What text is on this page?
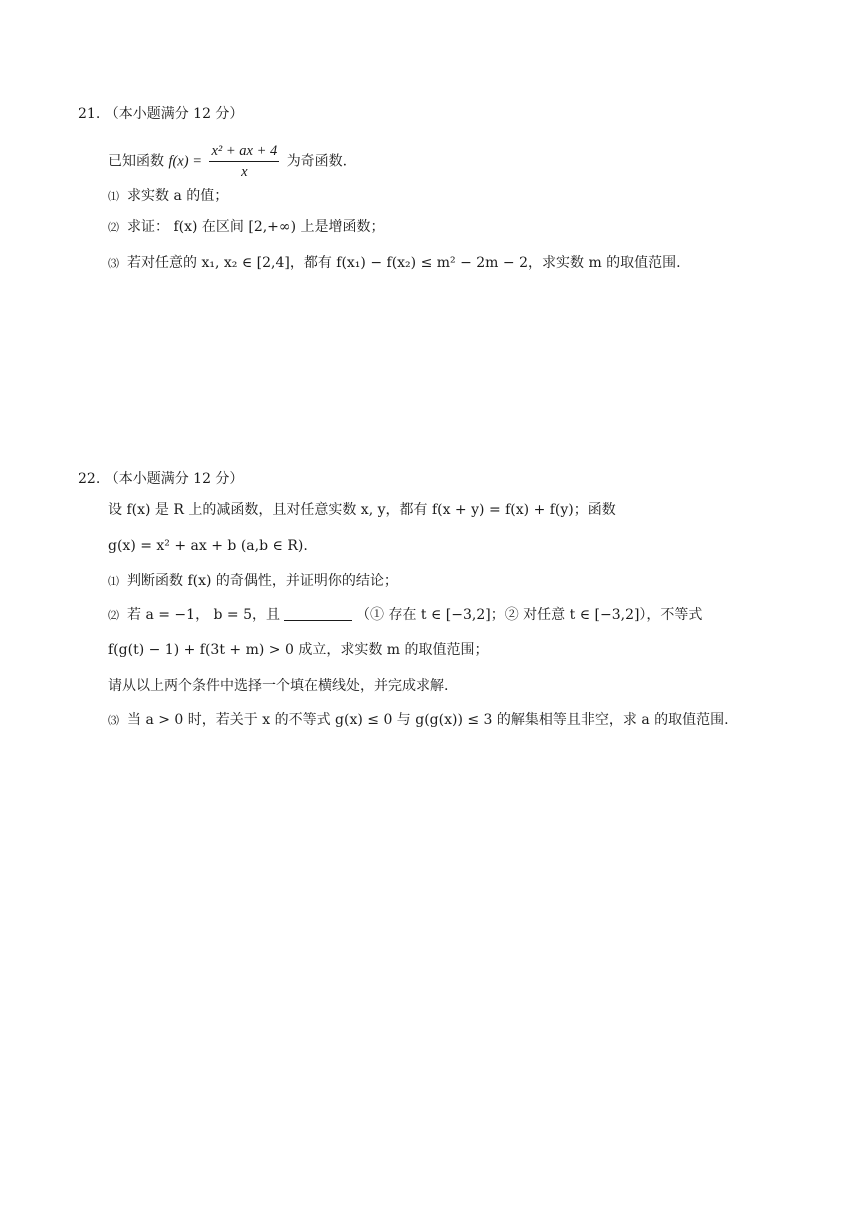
21. （本小题满分 12 分）
已知函数 $f(x) = \frac{\text{x² + ax + 4}}{x}$ 为奇函数.
⑴ 求实数 a 的值；
⑵ 求证： f(x) 在区间 [2,+∞) 上是增函数；
⑶ 若对任意的 x₁, x₂ ∈ [2,4]，都有 f(x₁) − f(x₂) ≤ m² − 2m − 2，求实数 m 的取值范围.
22. （本小题满分 12 分）
设 f(x) 是 R 上的减函数，且对任意实数 x, y，都有 f(x + y) = f(x) + f(y)；函数
g(x) = x² + ax + b (a,b ∈ R).
⑴ 判断函数 f(x) 的奇偶性，并证明你的结论；
⑵ 若 a = −1， b = 5，且	（① 存在 t ∈ [−3,2]；② 对任意 t ∈ [−3,2]），不等式
f(g(t) − 1) + f(3t + m) > 0 成立，求实数 m 的取值范围；
请从以上两个条件中选择一个填在横线处，并完成求解.
⑶ 当 a > 0 时，若关于 x 的不等式 g(x) ≤ 0 与 g(g(x)) ≤ 3 的解集相等且非空，求 a 的取值范围.
